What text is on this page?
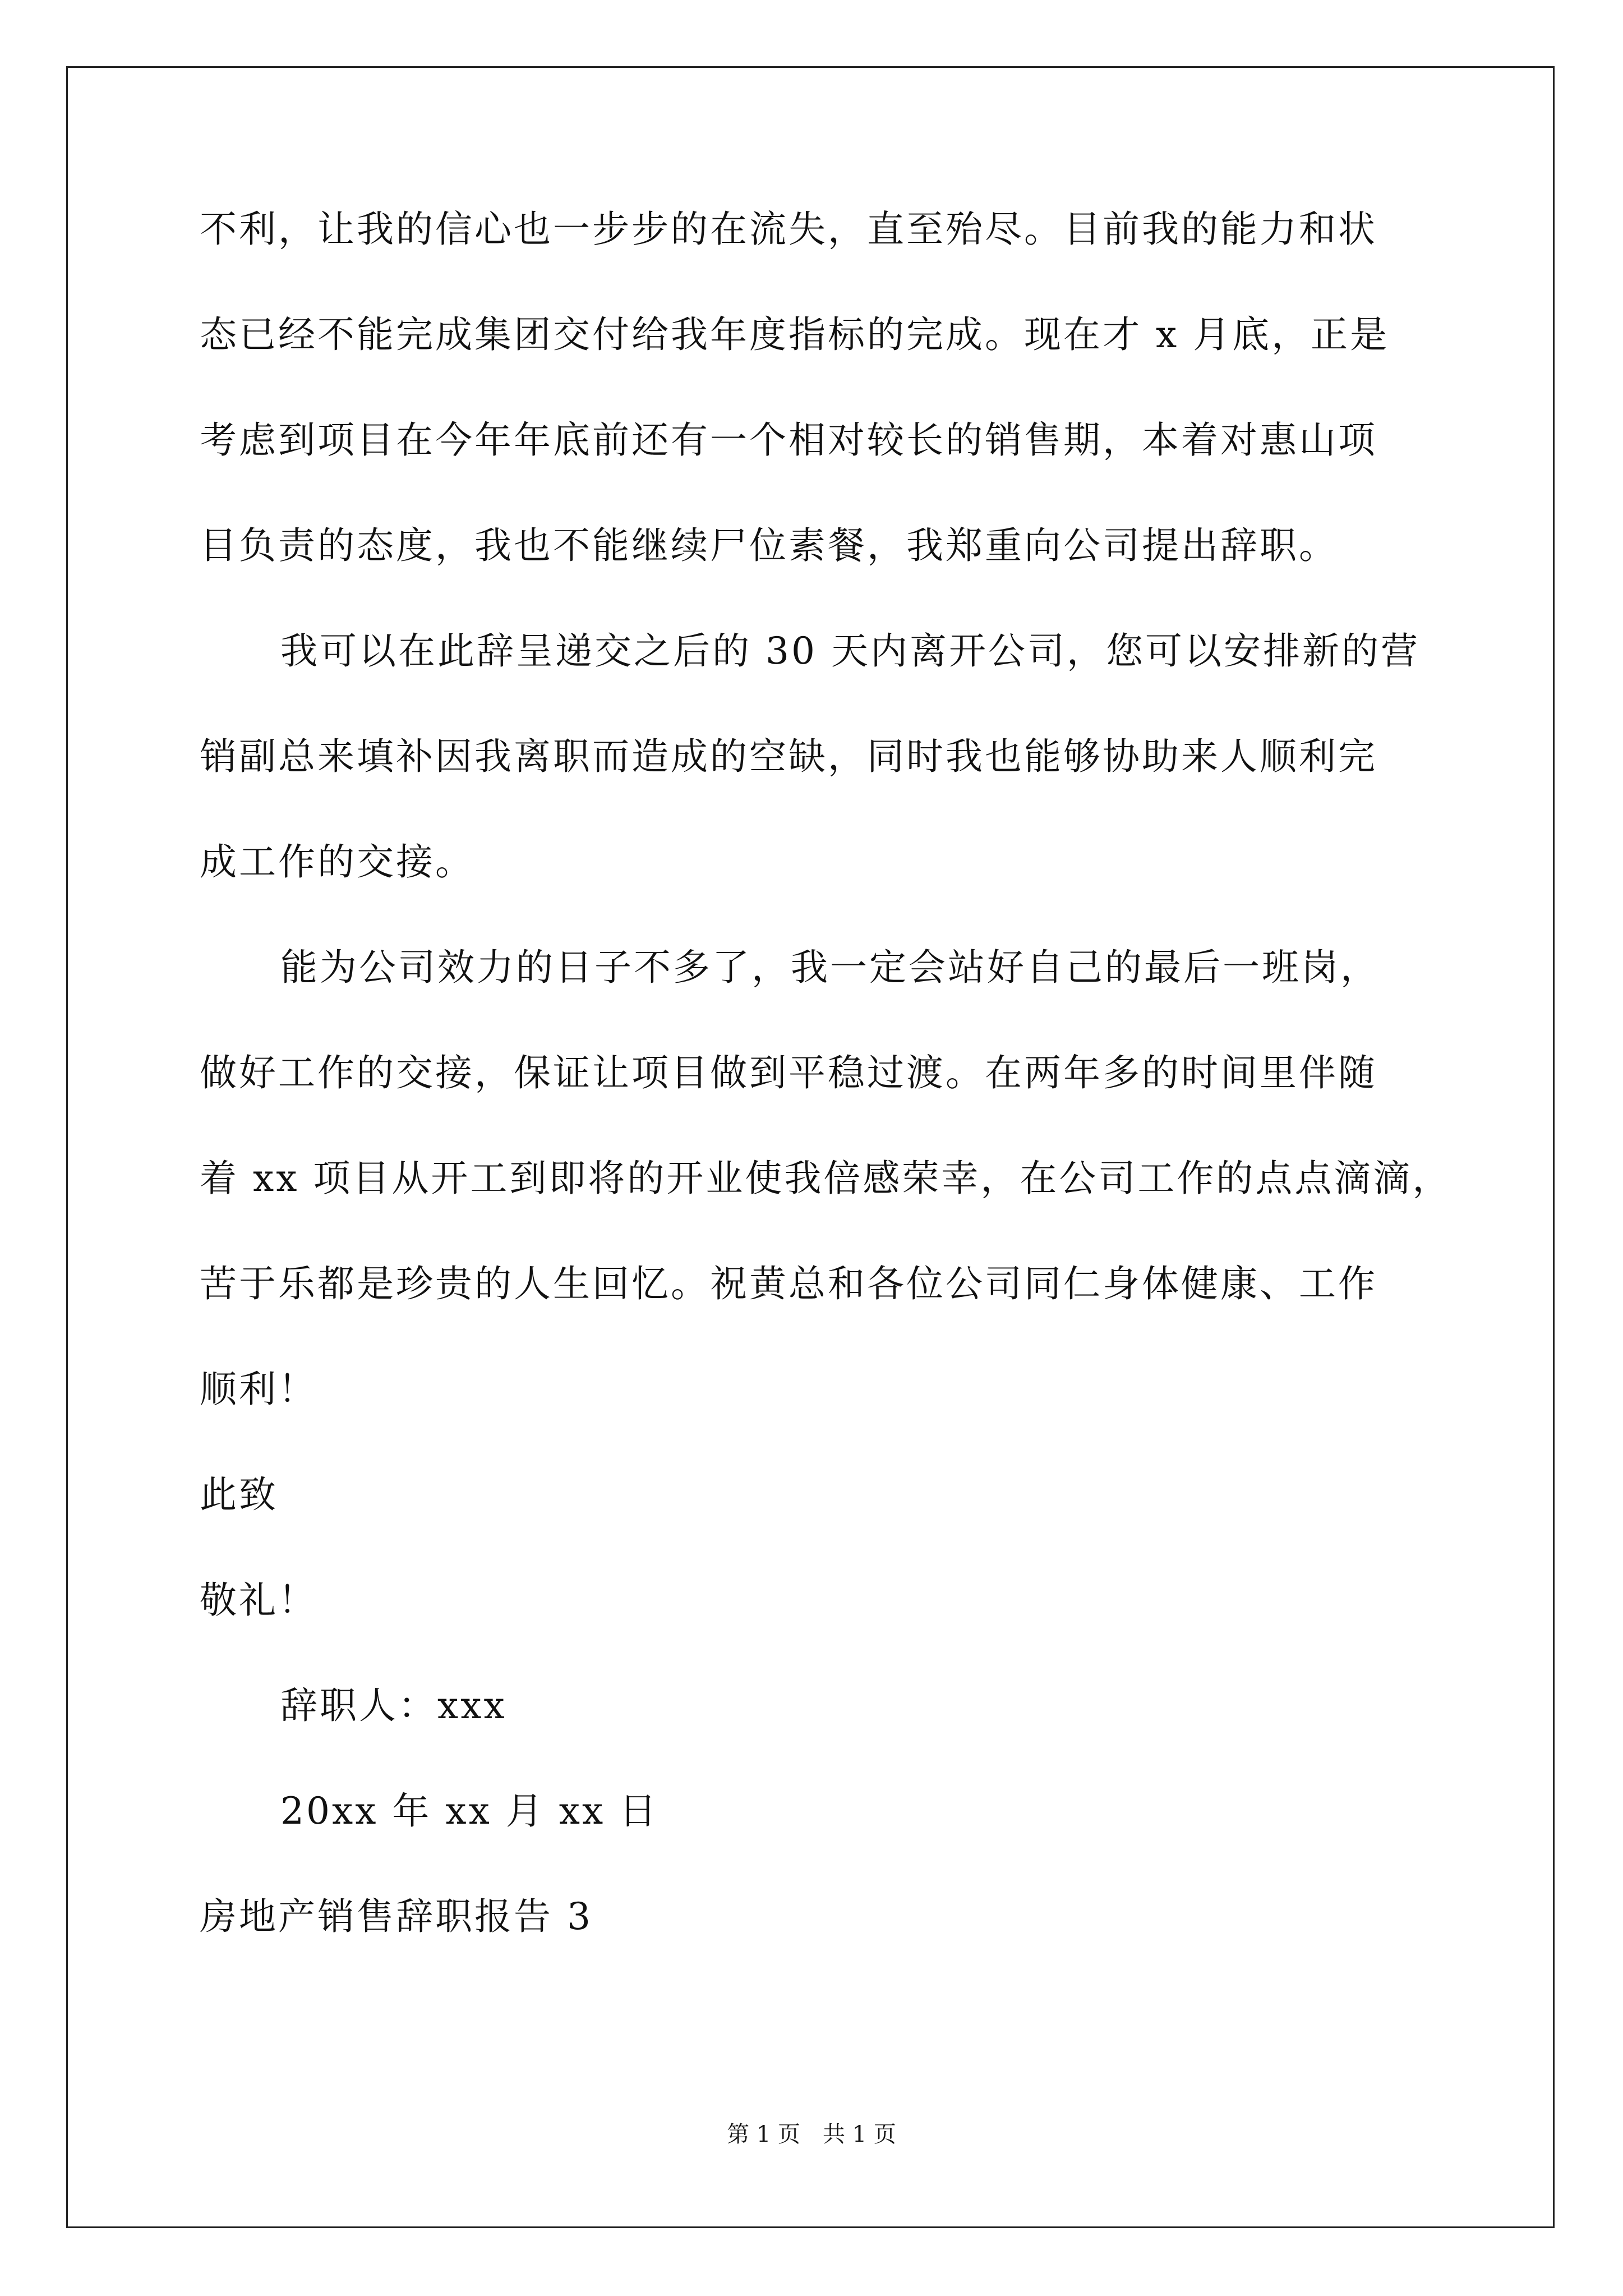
不利，让我的信心也一步步的在流失，直至殆尽。目前我的能力和状
态已经不能完成集团交付给我年度指标的完成。现在才 x 月底，正是
考虑到项目在今年年底前还有一个相对较长的销售期，本着对惠山项
目负责的态度，我也不能继续尸位素餐，我郑重向公司提出辞职。
我可以在此辞呈递交之后的 30 天内离开公司，您可以安排新的营
销副总来填补因我离职而造成的空缺，同时我也能够协助来人顺利完
成工作的交接。
能为公司效力的日子不多了，我一定会站好自己的最后一班岗，
做好工作的交接，保证让项目做到平稳过渡。在两年多的时间里伴随
着 xx 项目从开工到即将的开业使我倍感荣幸，在公司工作的点点滴滴，
苦于乐都是珍贵的人生回忆。祝黄总和各位公司同仁身体健康、工作
顺利！
此致
敬礼！
辞职人：xxx
20xx 年 xx 月 xx 日
房地产销售辞职报告 3
第 1 页　共 1 页
